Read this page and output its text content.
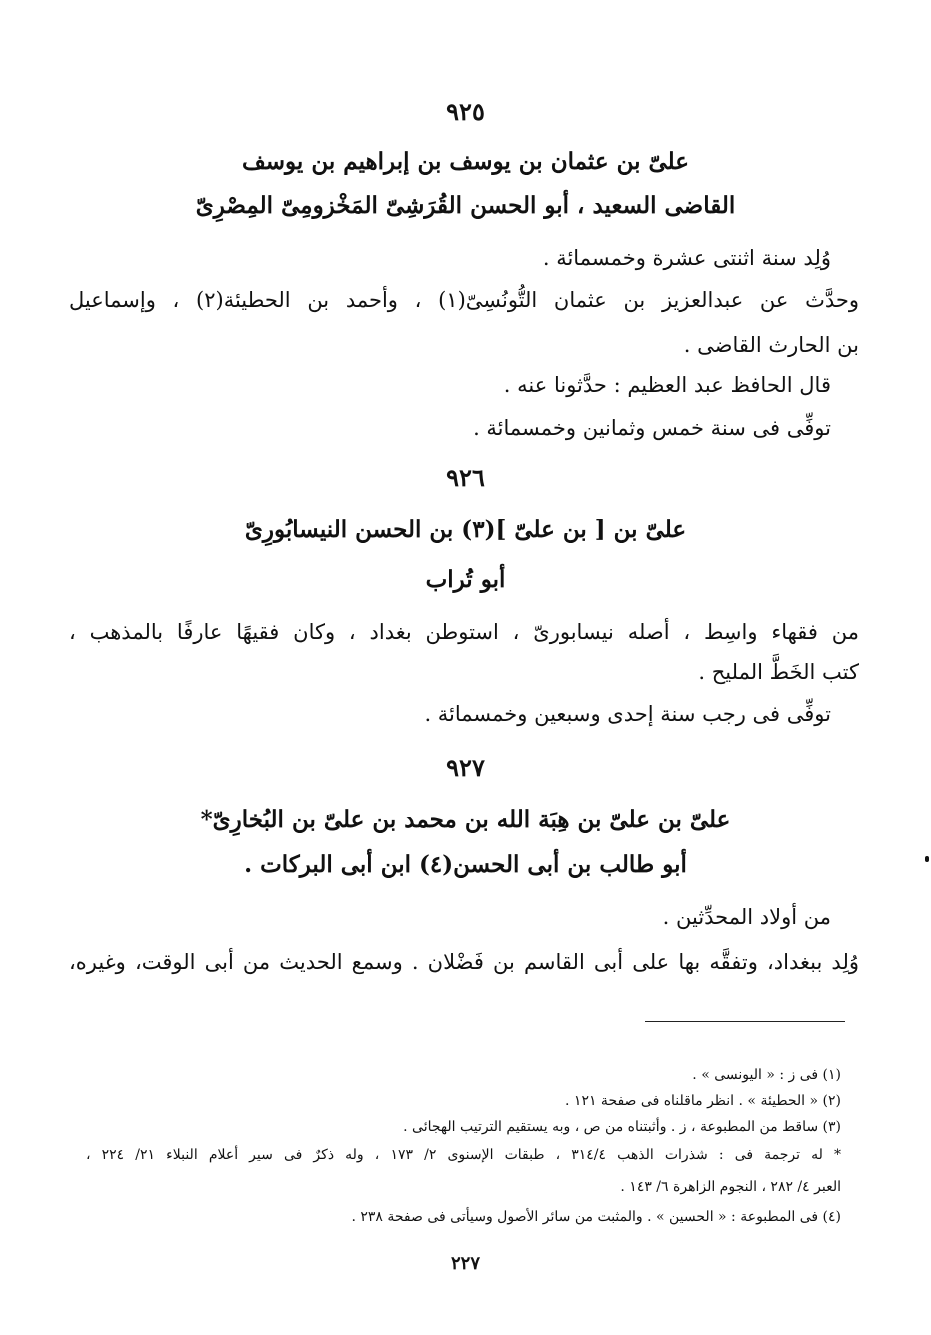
٩٢٥
علىّ بن عثمان بن يوسف بن إبراهيم بن يوسف
القاضى السعيد ، أبو الحسن القُرَشِىّ المَخْزومِىّ المِصْرِىّ
وُلِد سنة اثنتى عشرة وخمسمائة .
وحدَّث عن عبدالعزيز بن عثمان التُّونُسِىّ(١) ، وأحمد بن الحطيئة(٢) ، وإسماعيل
بن الحارث القاضى .
قال الحافظ عبد العظيم : حدَّثونا عنه .
توفِّى فى سنة خمس وثمانين وخمسمائة .
٩٢٦
علىّ بن [ بن علىّ ](٣) بن الحسن النيسابُورِىّ
أبو تُراب
من فقهاء واسِط ، أصله نيسابورىّ ، استوطن بغداد ، وكان فقيهًا عارفًا بالمذهب ،
كتب الخَطَّ المليح .
توفِّى فى رجب سنة إحدى وسبعين وخمسمائة .
٩٢٧
علىّ بن علىّ بن هِبَة الله بن محمد بن علىّ بن البُخارِىّ*
أبو طالب بن أبى الحسن(٤) ابن أبى البركات .
من أولاد المحدِّثين .
وُلِد ببغداد، وتفقَّه بها على أبى القاسم بن فَضْلان . وسمع الحديث من أبى الوقت، وغيره،
(١) فى ز : « اليونسى » .
(٢) « الحطيئة » . انظر ماقلناه فى صفحة ١٢١ .
(٣) ساقط من المطبوعة ، ز . وأثبتناه من ص ، وبه يستقيم الترتيب الهجائى .
* له ترجمة فى : شذرات الذهب ٣١٤/٤ ، طبقات الإسنوى ٢/ ١٧٣ ، وله ذكرٌ فى سير أعلام النبلاء ٢١/ ٢٢٤ ،
العبر ٤/ ٢٨٢ ، النجوم الزاهرة ٦/ ١٤٣ .
(٤) فى المطبوعة : « الحسين » . والمثبت من سائر الأصول وسيأتى فى صفحة ٢٣٨ .
٢٢٧
